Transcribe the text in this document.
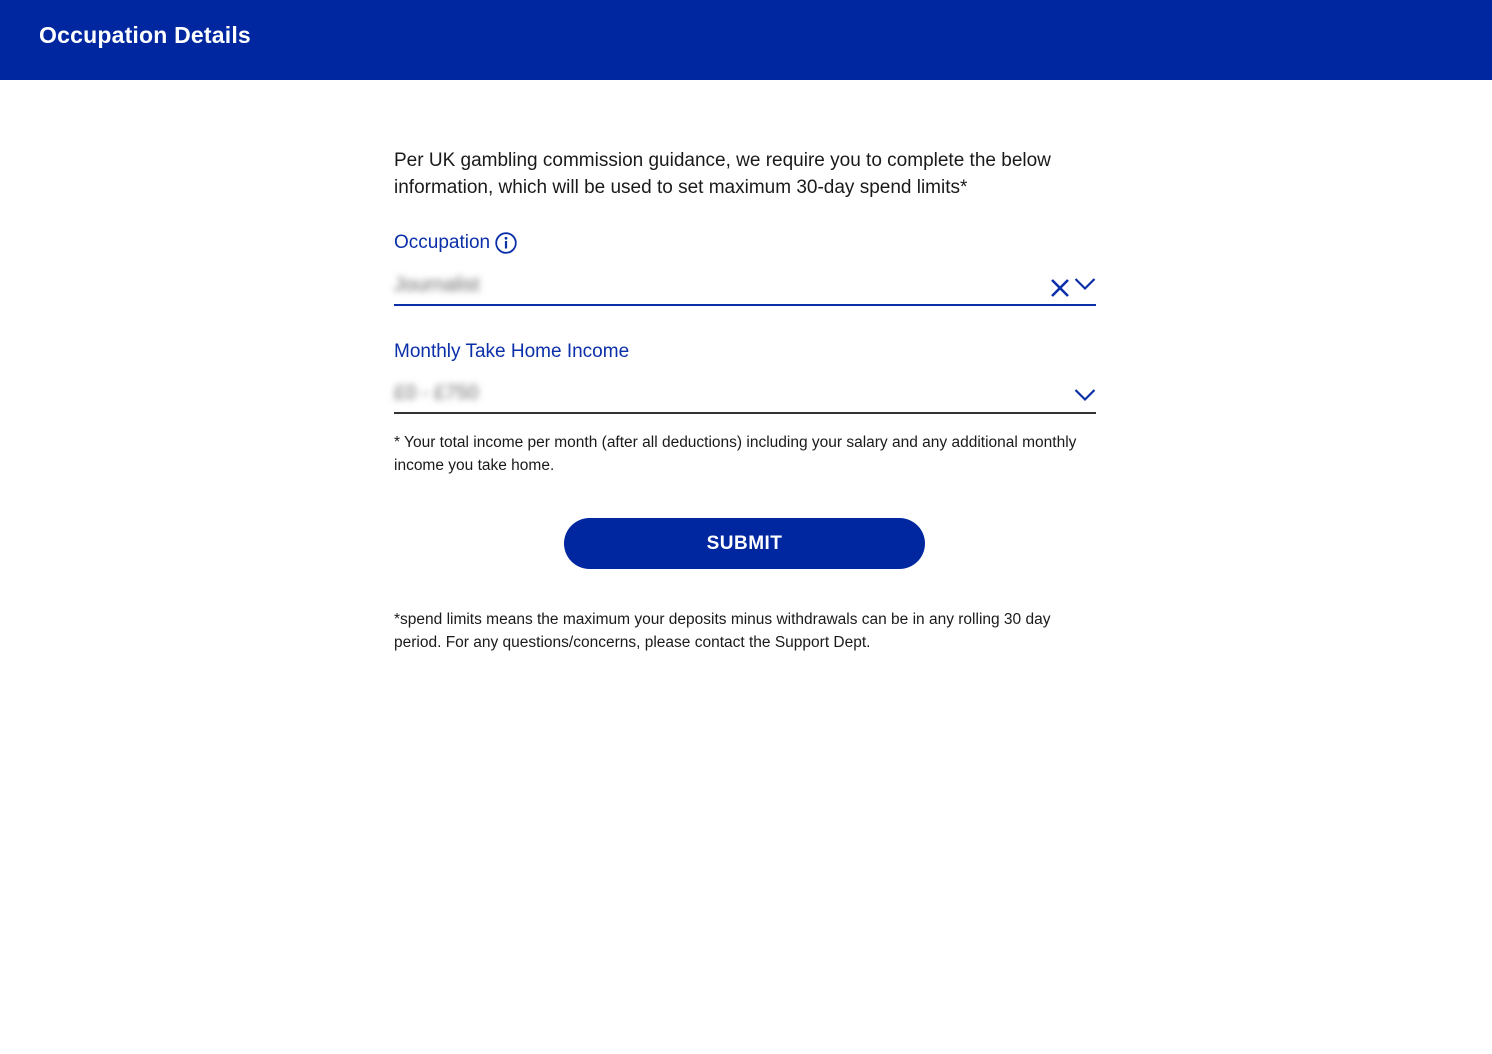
Occupation Details
Per UK gambling commission guidance, we require you to complete the below information, which will be used to set maximum 30-day spend limits*
Occupation
Journalist
Monthly Take Home Income
£0 - £750
* Your total income per month (after all deductions) including your salary and any additional monthly income you take home.
SUBMIT
*spend limits means the maximum your deposits minus withdrawals can be in any rolling 30 day period. For any questions/concerns, please contact the Support Dept.
